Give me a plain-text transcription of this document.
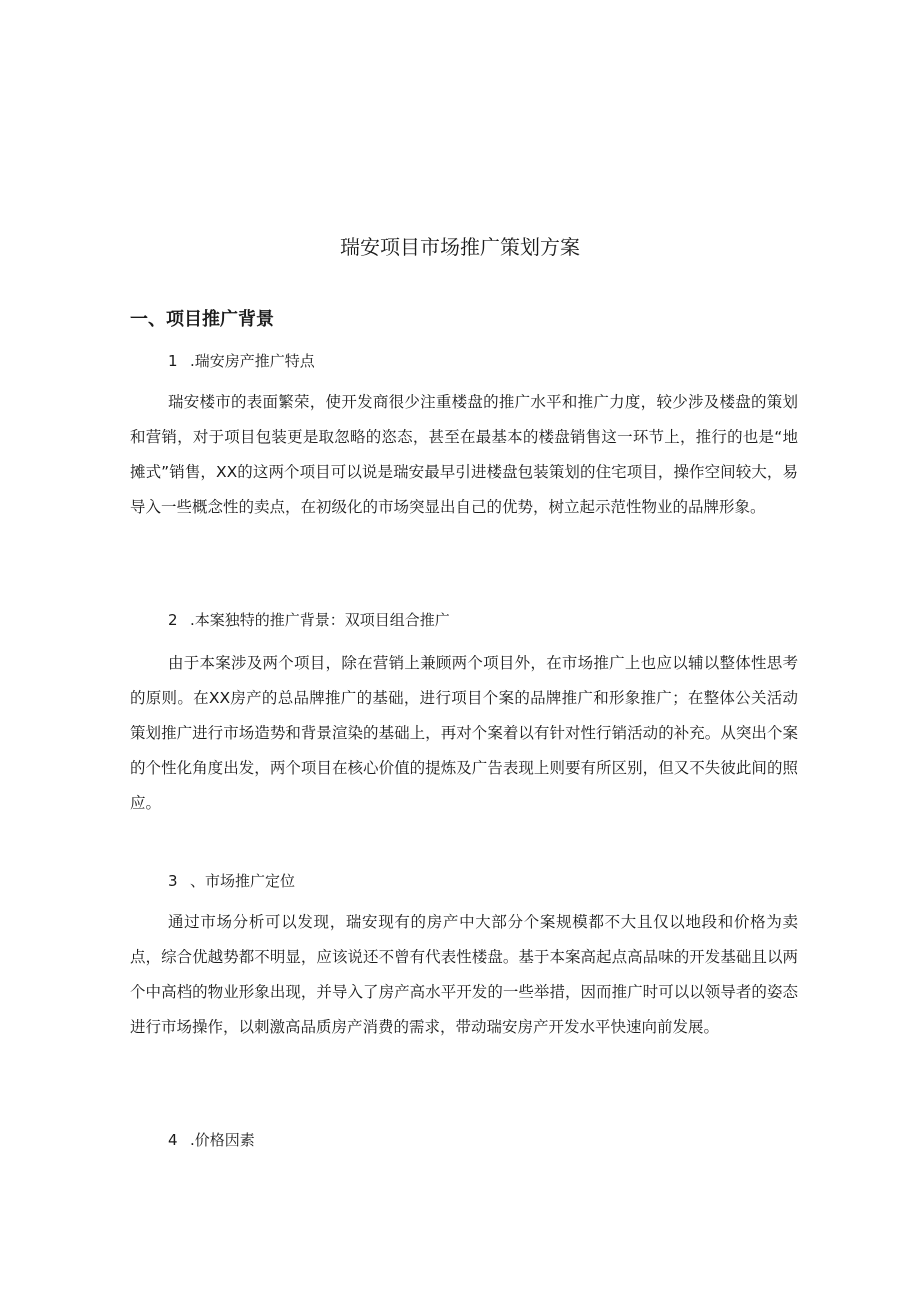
瑞安项目市场推广策划方案
一、项目推广背景
1 .瑞安房产推广特点

瑞安楼市的表面繁荣，使开发商很少注重楼盘的推广水平和推广力度，较少涉及楼盘的策划和营销，对于项目包装更是取忽略的恣态，甚至在最基本的楼盘销售这一环节上，推行的也是“地摊式”销售，XX的这两个项目可以说是瑞安最早引进楼盘包装策划的住宅项目，操作空间较大，易导入一些概念性的卖点，在初级化的市场突显出自己的优势，树立起示范性物业的品牌形象。

2 .本案独特的推广背景：双项目组合推广

由于本案涉及两个项目，除在营销上兼顾两个项目外，在市场推广上也应以辅以整体性思考的原则。在XX房产的总品牌推广的基础，进行项目个案的品牌推广和形象推广；在整体公关活动策划推广进行市场造势和背景渲染的基础上，再对个案着以有针对性行销活动的补充。从突出个案的个性化角度出发，两个项目在核心价值的提炼及广告表现上则要有所区别，但又不失彼此间的照应。

3 、市场推广定位

通过市场分析可以发现，瑞安现有的房产中大部分个案规模都不大且仅以地段和价格为卖点，综合优越势都不明显，应该说还不曾有代表性楼盘。基于本案高起点高品味的开发基础且以两个中高档的物业形象出现，并导入了房产高水平开发的一些举措，因而推广时可以以领导者的姿态进行市场操作，以刺激高品质房产消费的需求，带动瑞安房产开发水平快速向前发展。

4 .价格因素
